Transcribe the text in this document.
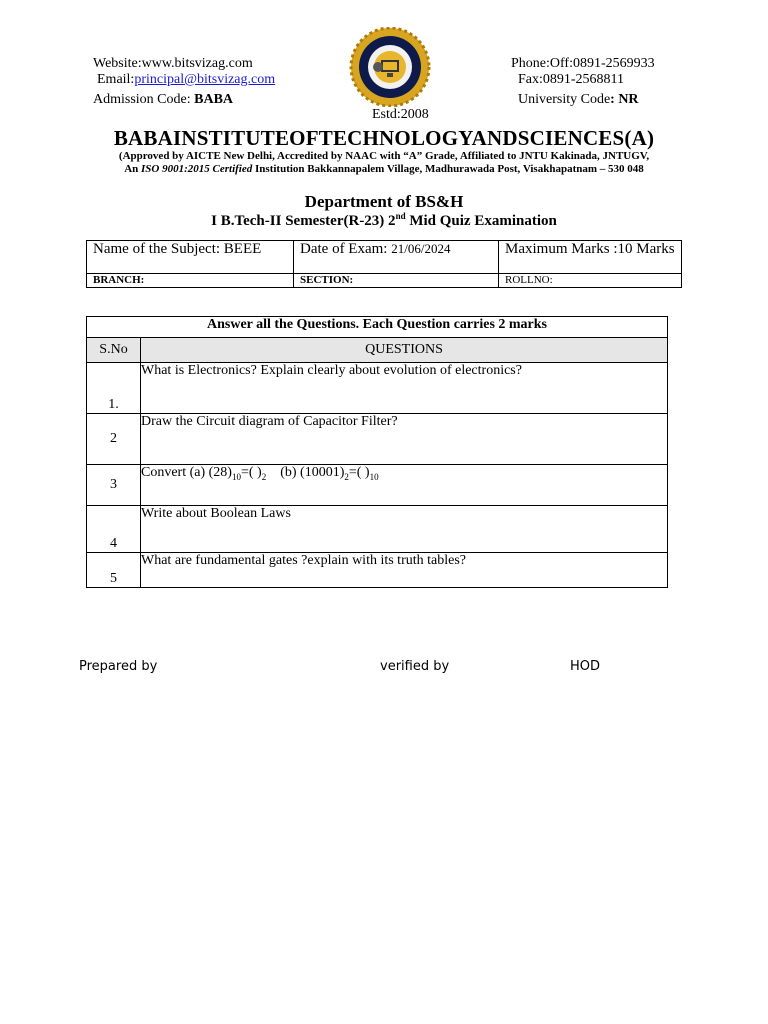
Website:www.bitsvizag.com
Email:principal@bitsvizag.com
Admission Code: BABA
Estd:2008
Phone:Off:0891-2569933
Fax:0891-2568811
University Code: NR
BABAINSTITUTEOFTECHNOLOGYANDSCIENCES(A)
(Approved by AICTE New Delhi, Accredited by NAAC with “A” Grade, Affiliated to JNTU Kakinada, JNTUGV,
An ISO 9001:2015 Certified Institution Bakkannapalem Village, Madhurawada Post, Visakhapatnam – 530 048
Department of BS&H
I B.Tech-II Semester(R-23) 2nd Mid Quiz Examination
Name of the Subject: BEEE	Date of Exam: 21/06/2024	Maximum Marks :10 Marks
BRANCH:	SECTION:	ROLLNO:
Answer all the Questions. Each Question carries 2 marks	
S.No	QUESTIONS
1.	What is Electronics? Explain clearly about evolution of electronics?
2	Draw the Circuit diagram of Capacitor Filter?
3	Convert (a) $(28)_{10}=$( )$_2$    (b) $(10001)_2=$( )$_{10}$
4	Write about Boolean Laws
5	What are fundamental gates ?explain with its truth tables?
Prepared by	verified by	HOD
